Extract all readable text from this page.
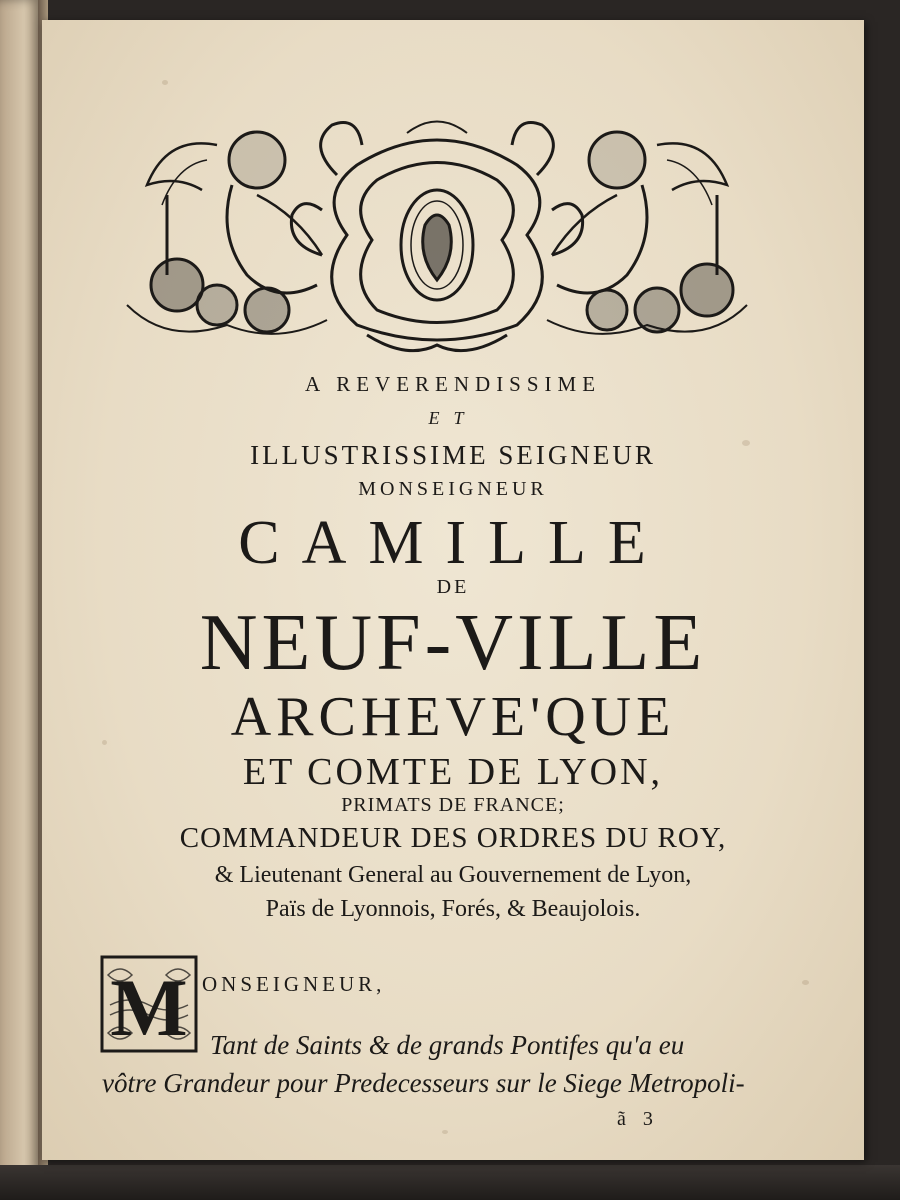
A REVERENDISSIME
ET
ILLUSTRISSIME SEIGNEUR
MONSEIGNEUR
CAMILLE
DE
NEUF-VILLE
ARCHEVE'QUE
ET COMTE DE LYON,
PRIMATS DE FRANCE;
COMMANDEUR DES ORDRES DU ROY,
& Lieutenant General au Gouvernement de Lyon,
Païs de Lyonnois, Forés, & Beaujolois.
M ONSEIGNEUR,
Tant de Saints & de grands Pontifes qu'a eu
vôtre Grandeur pour Predecesseurs sur le Siege Metropoli-
ã 3
